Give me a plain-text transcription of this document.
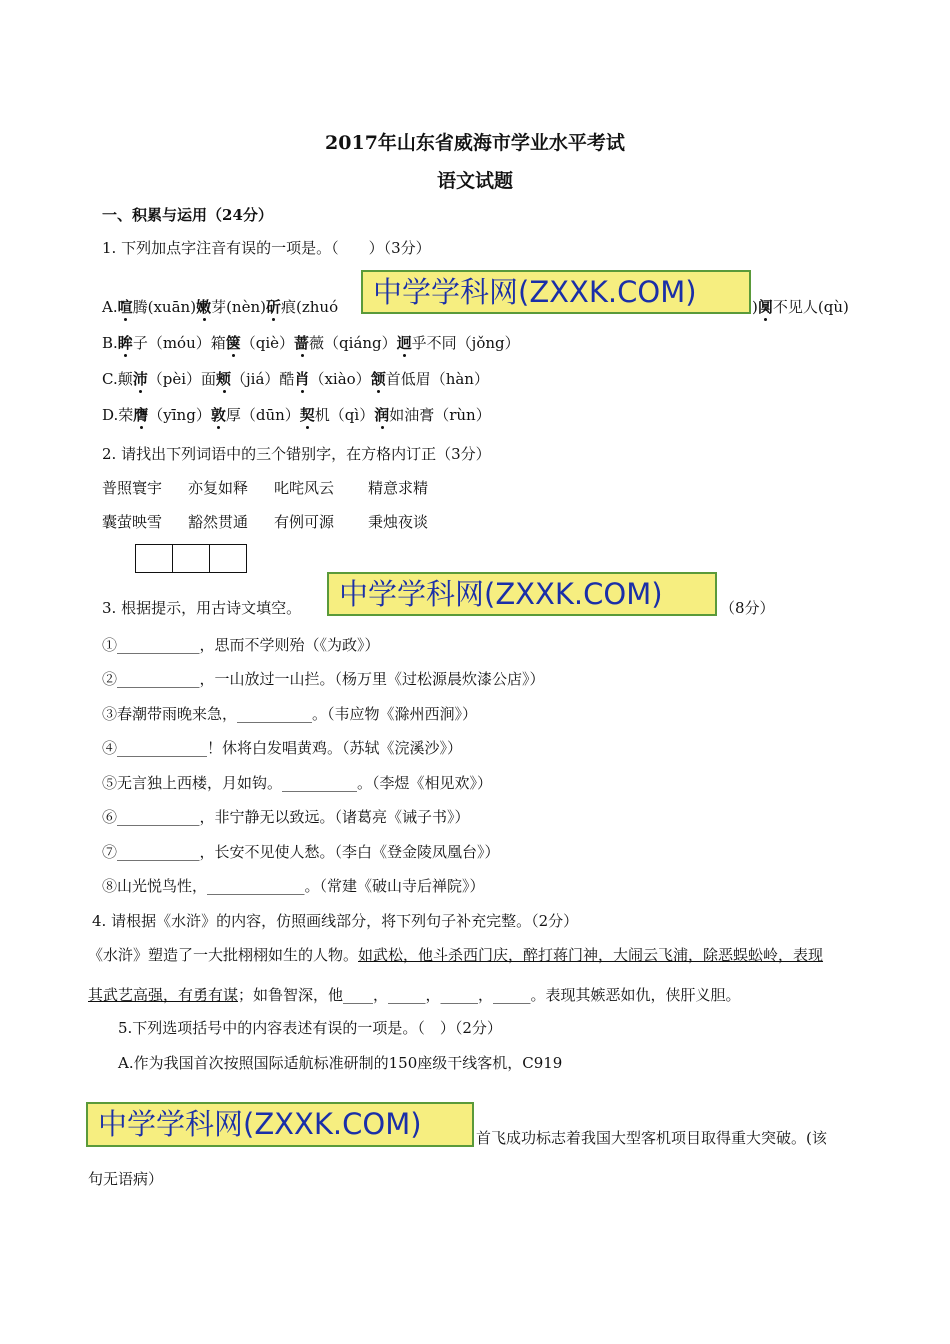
2017年山东省威海市学业水平考试
语文试题
一、积累与运用（24分）
1. 下列加点字注音有误的一项是。（　　）（3分）
A.喧腾(xuān)嫩芽(nèn)斫痕(zhuó	)阒不见人(qù)
中学学科网(ZXXK.COM)
B.眸子（móu）箱箧（qiè）蔷薇（qiáng）迥乎不同（jǒng）
C.颠沛（pèi）面颊（jiá）酷肖（xiào）颔首低眉（hàn）
D.荣膺（yīng）敦厚（dūn）契机（qì）润如油膏（rùn）
2. 请找出下列词语中的三个错别字，在方格内订正（3分）
普照寰宇 亦复如释 叱咤风云 精意求精
囊萤映雪 豁然贯通 有例可源 秉烛夜谈
3. 根据提示，用古诗文填空。	中学学科网(ZXXK.COM)	（8分）
①___________，思而不学则殆（《为政》）
②___________，一山放过一山拦。（杨万里《过松源晨炊漆公店》）
③春潮带雨晚来急，__________。（韦应物《滁州西涧》）
④____________！休将白发唱黄鸡。（苏轼《浣溪沙》）
⑤无言独上西楼，月如钩。__________。（李煜《相见欢》）
⑥___________，非宁静无以致远。（诸葛亮《诫子书》）
⑦___________，长安不见使人愁。（李白《登金陵凤凰台》）
⑧山光悦鸟性，_____________。（常建《破山寺后禅院》）
4. 请根据《水浒》的内容，仿照画线部分，将下列句子补充完整。（2分）
《水浒》塑造了一大批栩栩如生的人物。如武松，他斗杀西门庆，醉打蒋门神，大闹云飞浦，除恶蜈蚣岭，表现
其武艺高强，有勇有谋；如鲁智深，他____，_____，_____，_____。表现其嫉恶如仇，侠肝义胆。
5.下列选项括号中的内容表述有误的一项是。（　）（2分）
A.作为我国首次按照国际适航标准研制的150座级干线客机，C919
中学学科网(ZXXK.COM)	首飞成功标志着我国大型客机项目取得重大突破。(该
句无语病）
